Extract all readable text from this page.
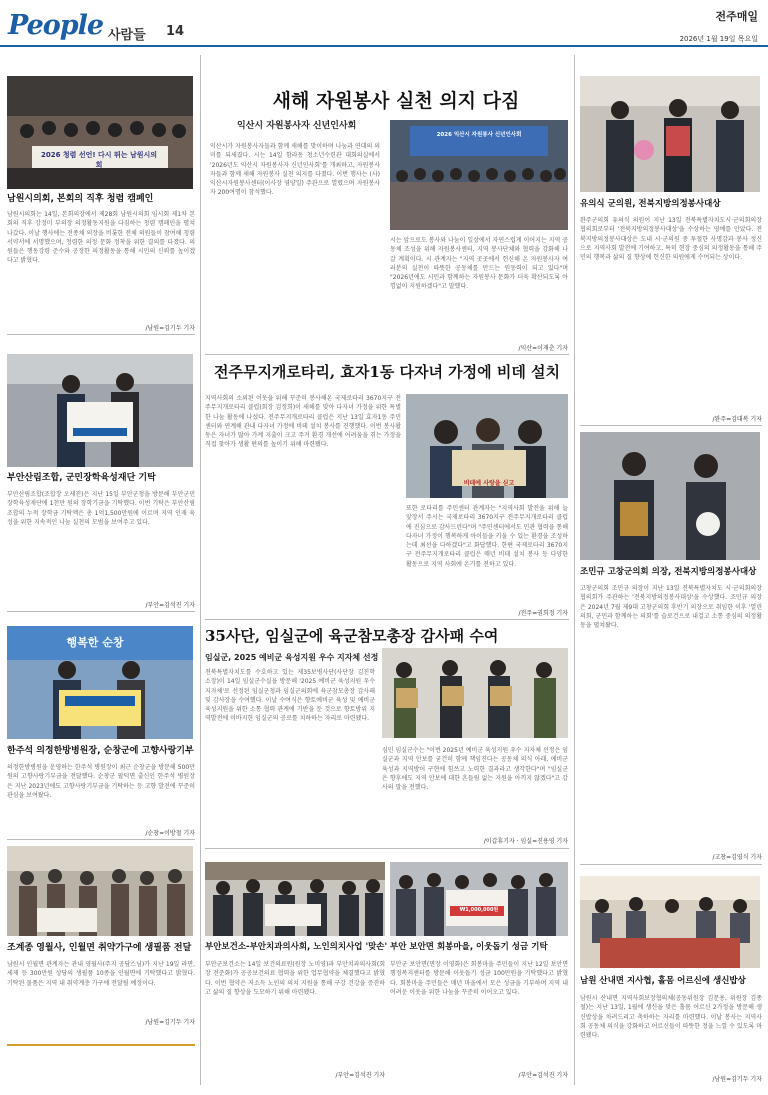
People 사람들 14
전주매일
2026년 1월 19일 목요일
2026 청렴 선언! 다시 뛰는 남원시의회
남원시의회, 본회의 직후 청렴 캠페인
남원시의회는 14일, 본회의장에서 제28회 남원시의회 임시회 제1차 본회의 직후 강정미 부의장 의정활동지원을 다짐하는 청렴 캠페인을 펼쳐 나갔다. 이날 행사에는 전종채 의장을 비롯한 전체 의원들이 참여해 청렴 서약서에 서명했으며, 청렴한 의정 문화 정착을 위한 결의를 다졌다. 의원들은 행동강령 준수와 공정한 의정활동을 통해 시민의 신뢰를 높이겠다고 밝혔다.
/남원=김기두 기자
부안산림조합, 군민장학육성재단 기탁
부안산림조합(조합장 오세진)은 지난 15일 부안군청을 방문해 부안군민장학육성재단에 1천만 원의 장학기금을 기탁했다. 이번 기탁은 부안산림조합의 누적 장학금 기탁액은 총 1억1,500만원에 이르며 지역 인재 육성을 위한 지속적인 나눔 실천의 모범을 보여주고 있다.
/부안=김석진 기자
행복한 순창
한주석 의정한방병원장, 순창군에 고향사랑기부
의정한방병원을 운영하는 한주석 병원장이 최근 순창군을 방문해 500만원의 고향사랑기부금을 전달했다. 순창군 팔덕면 출신인 한주석 병원장은 지난 2023년에도 고향사랑기부금을 기탁하는 등 고향 발전에 꾸준히 관심을 보여왔다.
/순창=이방철 기자
조계종 영월사, 인월면 취약가구에 생필품 전달
남원시 인월면 관계자는 관내 영월사(주지 공담스님)가 지난 19일 라면, 세제 등 300만원 상당의 생필품 10종을 인월면에 기탁했다고 밝혔다. 기탁된 물품은 지역 내 취약계층 가구에 전달될 예정이다.
/남원=김기두 기자
새해 자원봉사 실천 의지 다짐
익산시 자원봉사자 신년인사회
익산시가 자원봉사자들과 함께 새해를 맞이하며 나눔과 연대의 의미를 되새겼다. 시는 14일 함라동 청소년수련관 대회의실에서 '2026년도 익산시 자원봉사자 신년인사회'를 개최하고, 자원봉사자들과 함께 새해 자원봉사 실천 의지를 다졌다. 이번 행사는 (사)익산시자원봉사센터(이사장 염양일) 주관으로 열렸으며 자원봉사자 200여명이 참석했다.
2026 익산시 자원봉사 신년인사회
시는 앞으로도 봉사와 나눔이 일상에서 자연스럽게 이어지는 지역 공동체 조성을 위해 자원봉사센터, 지역 봉사단체와 협력을 강화해 나갈 계획이다. 시 관계자는 "지역 곳곳에서 헌신해 온 자원봉사자 여러분의 실천이 따뜻한 공동체를 만드는 원동력이 되고 있다"며 "2026년에도 시민과 함께하는 자원봉사 문화가 더욱 확산되도록 아낌없이 지원하겠다"고 말했다.
/익산=이재춘 기자
전주무지개로타리, 효자1동 다자녀 가정에 비데 설치
지역사회의 소외된 이웃을 위해 꾸준히 봉사해온 국제로타리 3670지구 전주무지개로타리 클럽(회장 김정희)이 새해를 맞아 다자녀 가정을 위한 특별한 나눔 활동에 나섰다. 전주무지개로타리 클럽은 지난 13일 효자1동 주민센터와 연계해 관내 다자녀 가정에 비데 설치 봉사를 진행했다. 이번 봉사활동은 자녀가 많아 가계 지출이 크고 주거 환경 개선에 어려움을 겪는 가정을 직접 찾아가 생활 편의를 높이기 위해 마련됐다.
비데에 사랑을 싣고
또한 로타리를 주민센터 관계자는 "지역사회 발전을 위해 늘 앞장서 주시는 국제로타리 3670지구 전주무지개로타리 클럽에 진심으로 감사드린다"며 "주민센터에서도 민관 협력을 통해 다자녀 가정이 행복하게 아이들을 키울 수 있는 환경을 조성하는데 최선을 다하겠다"고 화답했다. 한편 국제로타리 3670지구 전주무지개로타리 클럽은 매년 비데 설치 봉사 등 다양한 활동으로 지역 사회에 온기를 전하고 있다.
/전주=권희정 기자
35사단, 임실군에 육군참모총장 감사패 수여
임실군, 2025 예비군 육성지원 우수 지자체 선정
전북특별자치도를 수호하고 있는 제35보병사단(사단장 김진학 소장)이 14일 임실군수실을 방문해 '2025 예비군 육성지원 우수 지자체'로 선정된 임실군청과 임실군의회에 육군참모총장 감사패 및 감사장을 수여했다. 이날 수여식은 향토예비군 육성 및 예비군 육성지원을 위한 소통 협력 관계에 기반을 둔 것으로 향토방위 지역발전에 이바지한 임실군의 공로를 치하하는 자리로 마련됐다.
심민 임실군수는 "이번 2025년 예비군 육성지원 우수 지자체 선정은 임실군과 지역 안보를 굳건히 함께 책임진다는 공동체 의식 아래, 예비군 육성과 지역방어 구현에 힘쓰고 노력한 결과라고 생각한다"며 "임실군은 향후에도 지역 안보에 대한 흔들림 없는 지원을 아끼지 않겠다"고 감사의 말을 전했다.
/이갑휴기자 · 임실=진용영 기자
부안보건소-부안치과의사회, 노인의치사업 '맞손'
부안군보건소는 14일 보건의료원(원장 노미영)과 부안치과의사회(회장 전준화)가 공공보건의료 협력을 위한 업무협약을 체결했다고 밝혔다. 이번 협약은 저소득 노인의 의치 지원을 통해 구강 건강을 증진하고 삶의 질 향상을 도모하기 위해 마련됐다.
/부안=김석진 기자
₩1,000,000원
부안 보안면 회봉마을, 이웃돕기 성금 기탁
부안군 보안면(면장 이영화)은 회봉마을 주민들이 지난 12일 보안면 행정복지센터를 방문해 이웃돕기 성금 100만원을 기탁했다고 밝혔다. 회봉마을 주민들은 매년 마을에서 모은 성금을 기부하며 지역 내 어려운 이웃을 위한 나눔을 꾸준히 이어오고 있다.
/부안=김석진 기자
유의식 군의원, 전북지방의정봉사대상
완주군의회 유의식 의원이 지난 13일 전북특별자치도시·군의회의장 협의회로부터 '전북지방의정봉사대상'을 수상하는 영예를 안았다. 전북지방의정봉사대상은 도내 시·군의원 중 투철한 사명감과 봉사 정신으로 지역사회 발전에 기여하고, 특히 현장 중심의 의정활동을 통해 주민의 행복과 삶의 질 향상에 헌신한 의원에게 수여되는 상이다.
/완주=김대복 기자
조민규 고창군의회 의장, 전북지방의정봉사대상
고창군의회 조민규 의장이 지난 13일 전북특별자치도 시·군의회의장협의회가 주관하는 '전북지방의정봉사대상'을 수상했다. 조민규 의장은 2024년 7월 제9대 고창군의회 후반기 의장으로 취임한 이후 '열린의회, 군민과 함께하는 의회'를 슬로건으로 내걸고 소통 중심의 의정활동을 펼쳐왔다.
/고창=김영식 기자
남원 산내면 지사협, 홀몸 어르신에 생신밥상
남원시 산내면 지역사회보장협의체(공동위원장 김문용, 위원장 김종철)는 지난 13일, 1월에 생신을 맞은 홀몸 어르신 2가정을 방문해 생신밥상을 차려드리고 축하하는 자리를 마련했다. 이날 봉사는 지역사회 공동체 의식을 강화하고 어르신들이 따뜻한 정을 느낄 수 있도록 마련됐다.
/남원=김기두 기자
